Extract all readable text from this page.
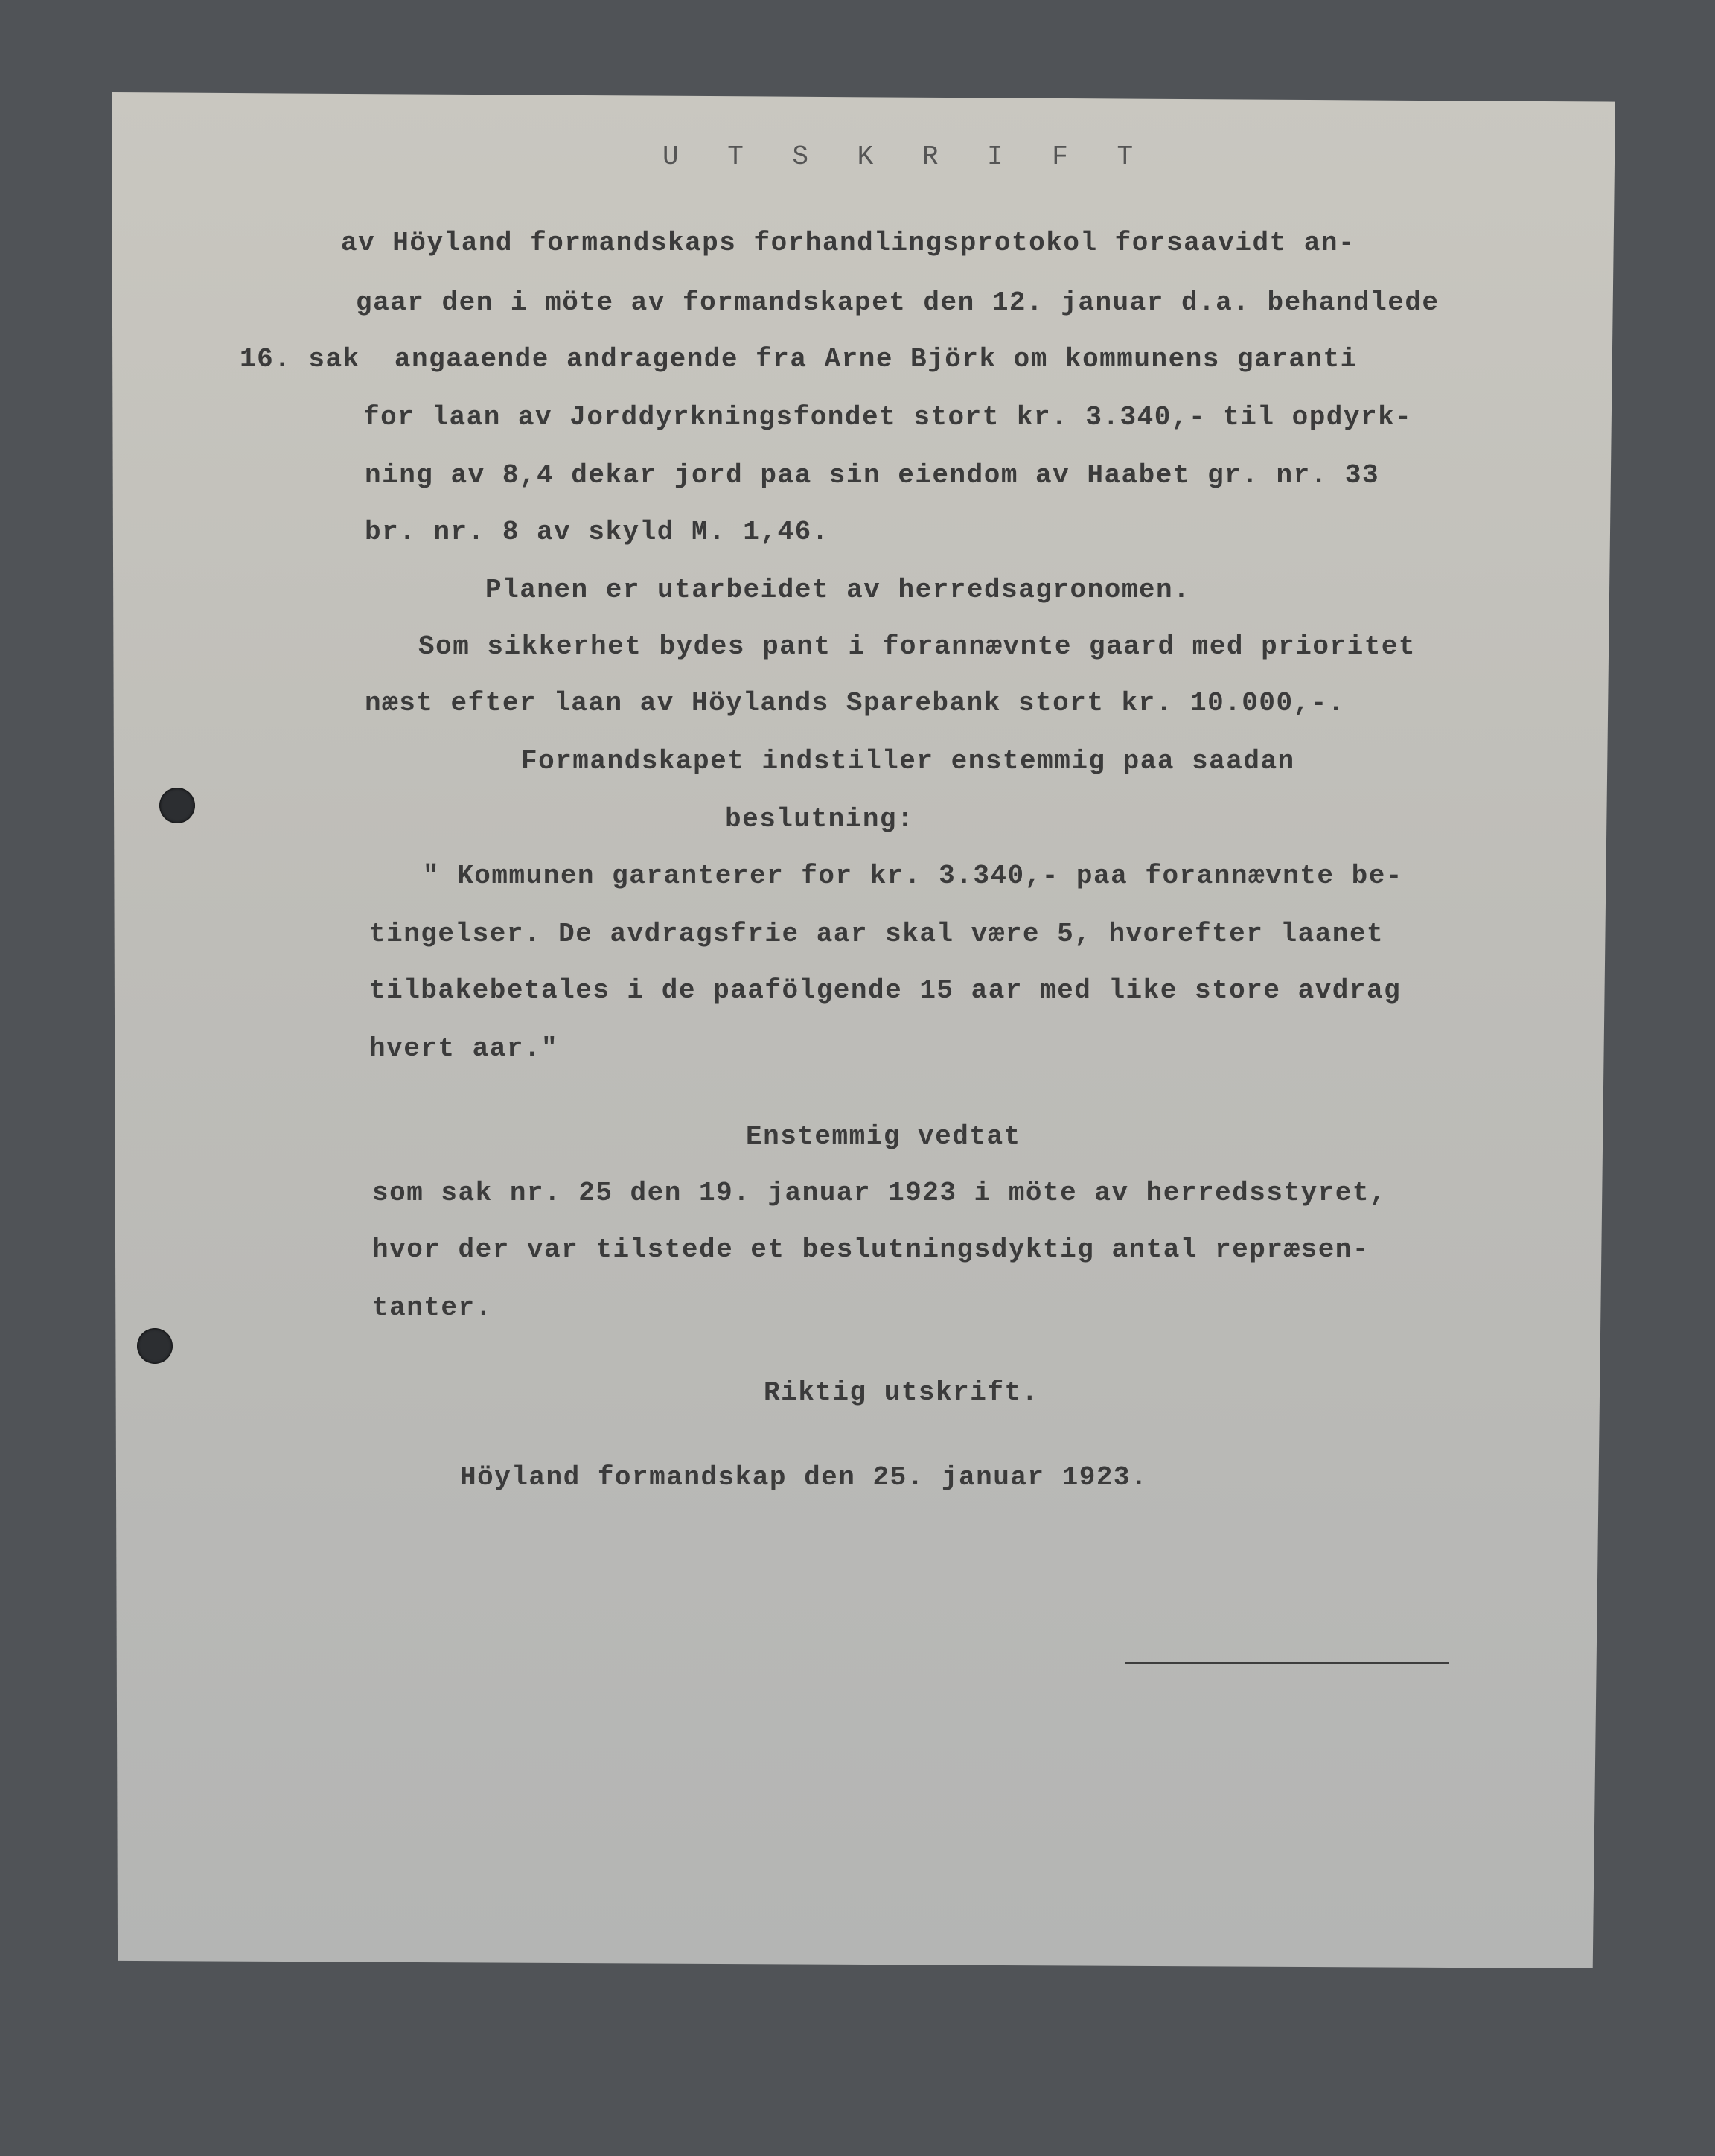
U T S K R I F T
av Höyland formandskaps forhandlingsprotokol forsaavidt an-
gaar den i möte av formandskapet den 12. januar d.a. behandlede
16. sak  angaaende andragende fra Arne Björk om kommunens garanti
for laan av Jorddyrkningsfondet stort kr. 3.340,- til opdyrk-
ning av 8,4 dekar jord paa sin eiendom av Haabet gr. nr. 33
br. nr. 8 av skyld M. 1,46.
Planen er utarbeidet av herredsagronomen.
Som sikkerhet bydes pant i forannævnte gaard med prioritet
næst efter laan av Höylands Sparebank stort kr. 10.000,-.
Formandskapet indstiller enstemmig paa saadan
beslutning:
" Kommunen garanterer for kr. 3.340,- paa forannævnte be-
tingelser. De avdragsfrie aar skal være 5, hvorefter laanet
tilbakebetales i de paafölgende 15 aar med like store avdrag
hvert aar."
Enstemmig vedtat
som sak nr. 25 den 19. januar 1923 i möte av herredsstyret,
hvor der var tilstede et beslutningsdyktig antal repræsen-
tanter.
Riktig utskrift.
Höyland formandskap den 25. januar 1923.
